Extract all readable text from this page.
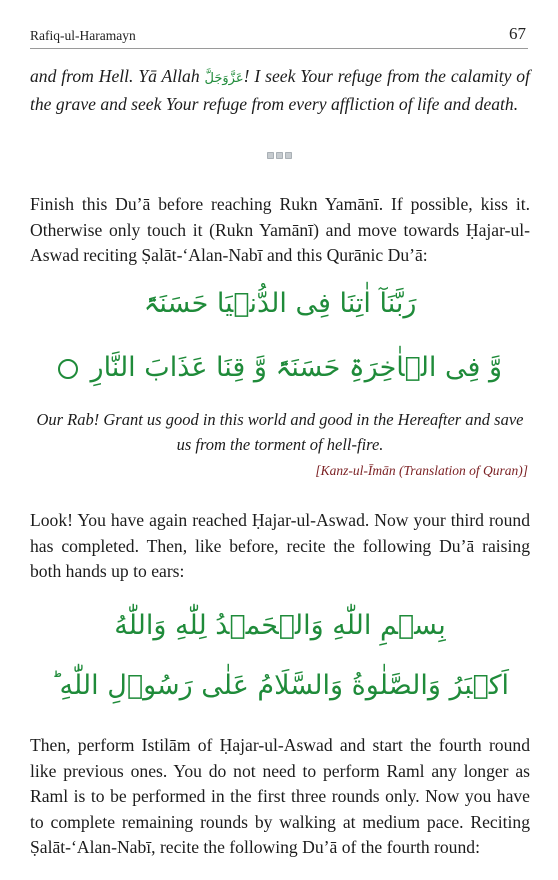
Rafiq-ul-Haramayn	67

and from Hell. Yā Allah عَزَّوَجَلَّ! I seek Your refuge from the calamity of the grave and seek Your refuge from every affliction of life and death.

Finish this Du’ā before reaching Rukn Yamānī. If possible, kiss it. Otherwise only touch it (Rukn Yamānī) and move towards Ḥajar-ul-Aswad reciting Ṣalāt-‘Alan-Nabī and this Qurānic Du’ā:

رَبَّنَآ اٰتِنَا فِی الدُّنۡیَا حَسَنَۃً
وَّ فِی الۡاٰخِرَۃِ حَسَنَۃً وَّ قِنَا عَذَابَ النَّارِ

Our Rab! Grant us good in this world and good in the Hereafter and save us from the torment of hell-fire.

[Kanz-ul-Īmān (Translation of Quran)]

Look! You have again reached Ḥajar-ul-Aswad. Now your third round has completed. Then, like before, recite the following Du’ā raising both hands up to ears:

بِسۡمِ اللّٰهِ وَالۡحَمۡدُ لِلّٰهِ وَاللّٰهُ
اَكۡبَرُ وَالصَّلٰوةُ وَالسَّلَامُ عَلٰى رَسُوۡلِ اللّٰهِ ؕ

Then, perform Istilām of Ḥajar-ul-Aswad and start the fourth round like previous ones. You do not need to perform Raml any longer as Raml is to be performed in the first three rounds only. Now you have to complete remaining rounds by walking at medium pace. Reciting Ṣalāt-‘Alan-Nabī, recite the following Du’ā of the fourth round:
